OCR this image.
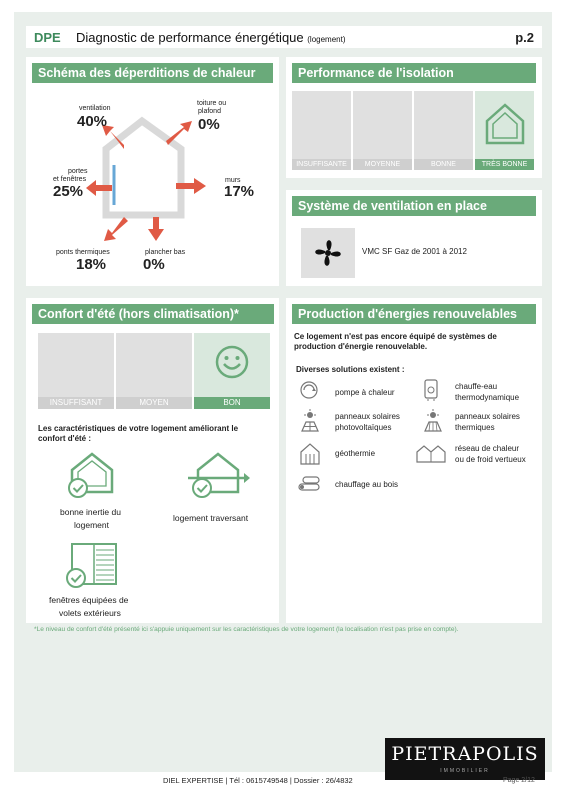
DPE	Diagnostic de performance énergétique (logement)	p.2
Schéma des déperditions de chaleur
ventilation
40%
toiture ou
plafond
0%
portes
et fenêtres
25%
murs
17%
ponts thermiques
18%
plancher bas
0%
Performance de l'isolation
INSUFFISANTE	MOYENNE	BONNE	TRÈS BONNE
Système de ventilation en place
VMC SF Gaz de 2001 à 2012
Confort d'été (hors climatisation)*
INSUFFISANT	MOYEN	BON
Les caractéristiques de votre logement améliorant le
confort d'été :
bonne inertie du
logement
logement traversant
fenêtres équipées de
volets extérieurs
Production d'énergies renouvelables
Ce logement n'est pas encore équipé de systèmes de
production d'énergie renouvelable.
Diverses solutions existent :
pompe à chaleur
chauffe-eau
thermodynamique
panneaux solaires
photovoltaïques
panneaux solaires
thermiques
géothermie
réseau de chaleur
ou de froid vertueux
chauffage au bois
*Le niveau de confort d'été présenté ici s'appuie uniquement sur les caractéristiques de votre logement (la localisation n'est pas prise en compte).
PIETRAPOLIS
IMMOBILIER
DIEL EXPERTISE | Tél : 0615749548 | Dossier : 26/4832	Page 2/12
